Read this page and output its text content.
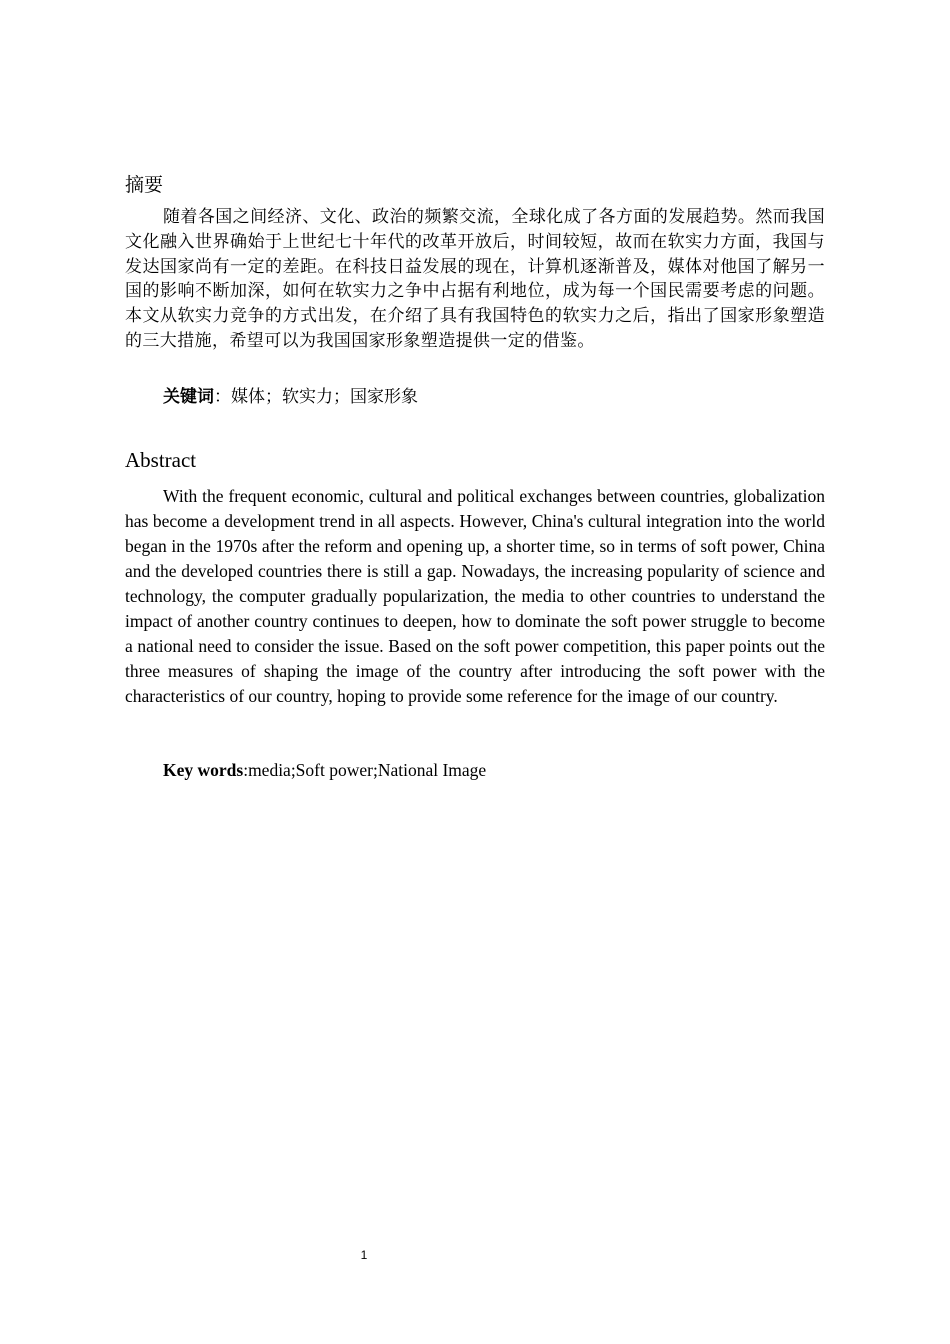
摘要

随着各国之间经济、文化、政治的频繁交流，全球化成了各方面的发展趋势。然而我国文化融入世界确始于上世纪七十年代的改革开放后，时间较短，故而在软实力方面，我国与发达国家尚有一定的差距。在科技日益发展的现在，计算机逐渐普及，媒体对他国了解另一国的影响不断加深，如何在软实力之争中占据有利地位，成为每一个国民需要考虑的问题。本文从软实力竞争的方式出发，在介绍了具有我国特色的软实力之后，指出了国家形象塑造的三大措施，希望可以为我国国家形象塑造提供一定的借鉴。

关键词：媒体；软实力；国家形象

Abstract

With the frequent economic, cultural and political exchanges between countries, globalization has become a development trend in all aspects. However, China's cultural integration into the world began in the 1970s after the reform and opening up, a shorter time, so in terms of soft power, China and the developed countries there is still a gap. Nowadays, the increasing popularity of science and technology, the computer gradually popularization, the media to other countries to understand the impact of another country continues to deepen, how to dominate the soft power struggle to become a national need to consider the issue. Based on the soft power competition, this paper points out the three measures of shaping the image of the country after introducing the soft power with the characteristics of our country, hoping to provide some reference for the image of our country.

Key words:media;Soft power;National Image

1
